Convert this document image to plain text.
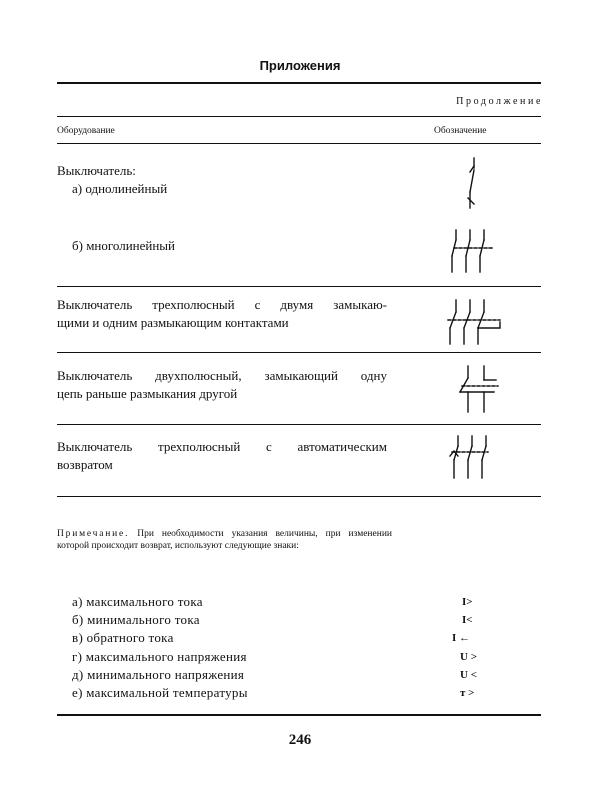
Приложения
Продолжение
Оборудование	Обозначение
Выключатель:
а) однолинейный
б) многолинейный
Выключатель трехполюсный с двумя замыкаю-
щими и одним размыкающим контактами
Выключатель двухполюсный, замыкающий одну
цепь раньше размыкания другой
Выключатель трехполюсный с автоматическим
возвратом
Примечание. При необходимости указания величины, при изменении которой происходит возврат, используют следующие знаки:
а) максимального тока	I>
б) минимального тока	I<
в) обратного тока	I ←
г) максимального напряжения	U >
д) минимального напряжения	U <
е) максимальной температуры	т >
246
